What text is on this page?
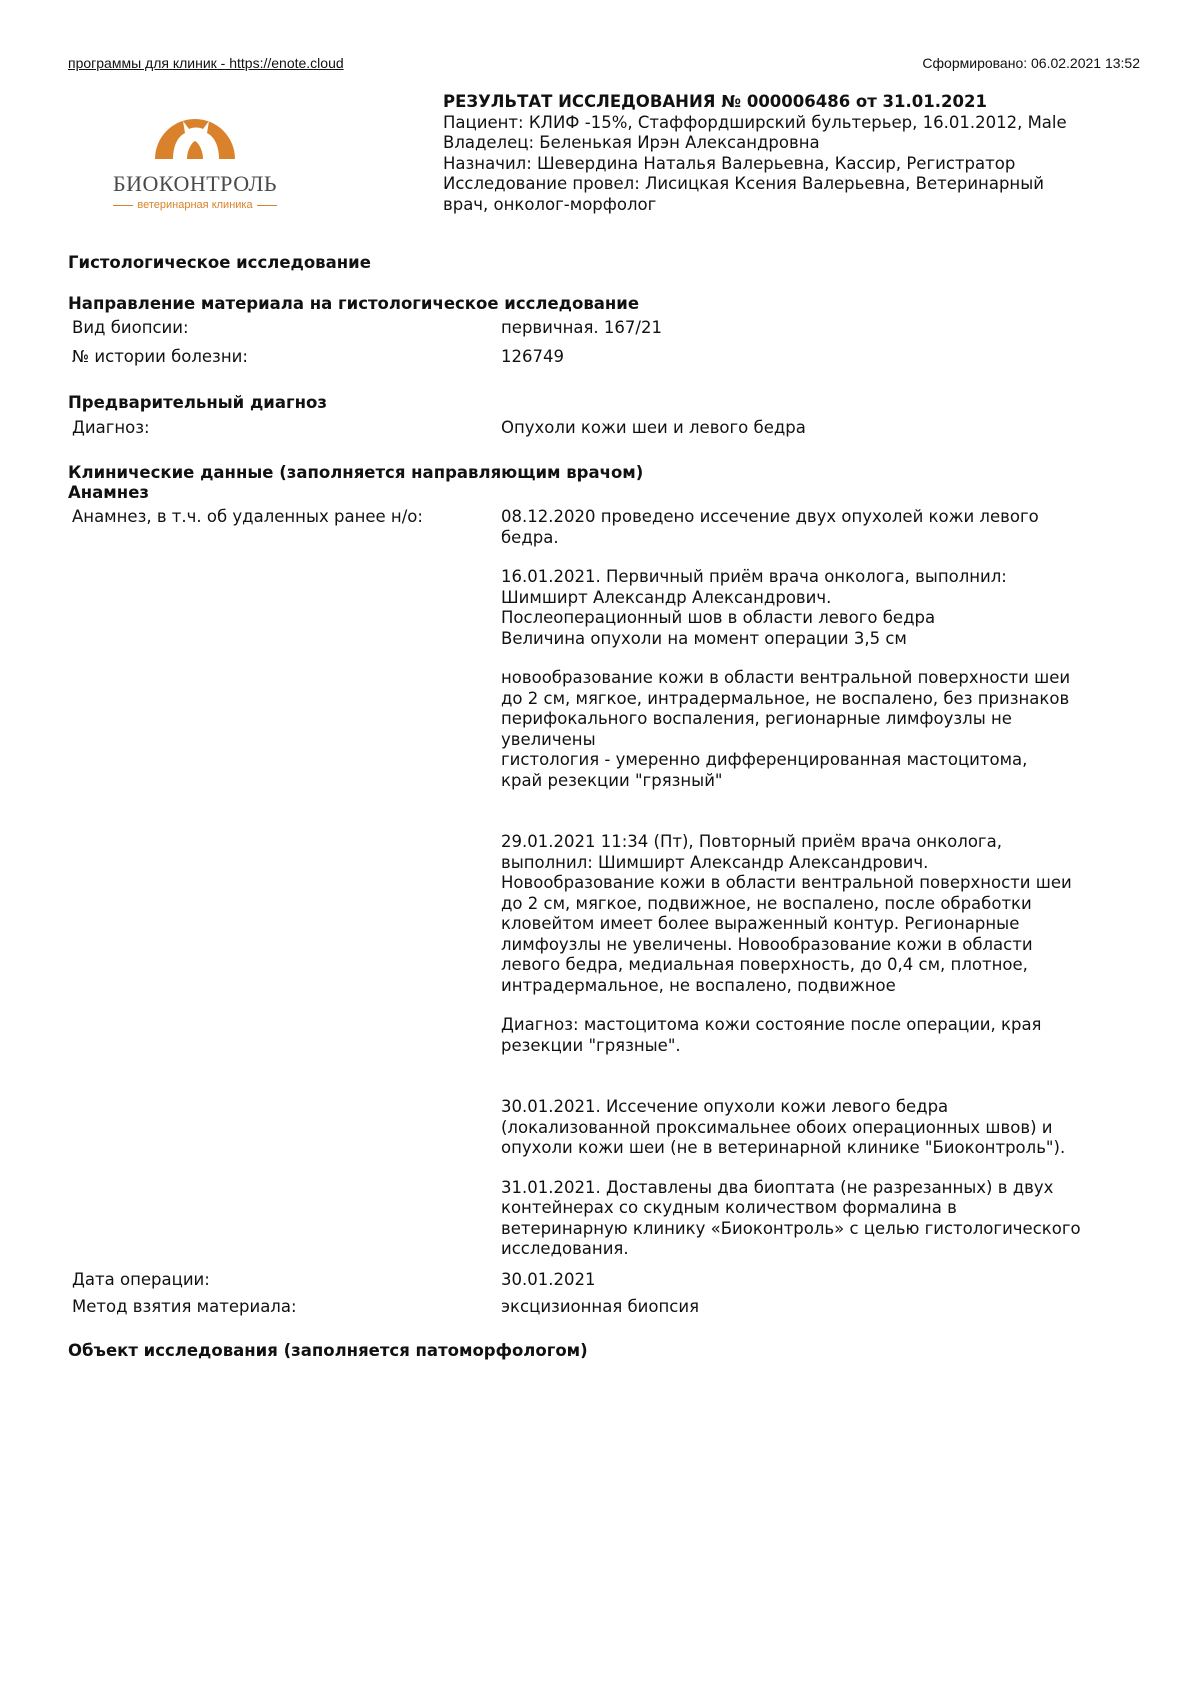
программы для клиник - https://enote.cloud	Сформировано: 06.02.2021 13:52
БИОКОНТРОЛЬ
ветеринарная клиника
РЕЗУЛЬТАТ ИССЛЕДОВАНИЯ № 000006486 от 31.01.2021
Пациент: КЛИФ -15%, Стаффордширский бультерьер, 16.01.2012, Male
Владелец: Беленькая Ирэн Александровна
Назначил: Шевердина Наталья Валерьевна, Кассир, Регистратор
Исследование провел: Лисицкая Ксения Валерьевна, Ветеринарный
врач, онколог-морфолог
Гистологическое исследование
Направление материала на гистологическое исследование
Вид биопсии:	первичная. 167/21
№ истории болезни:	126749
Предварительный диагноз
Диагноз:	Опухоли кожи шеи и левого бедра
Клинические данные (заполняется направляющим врачом)
Анамнез
Анамнез, в т.ч. об удаленных ранее н/о:	08.12.2020 проведено иссечение двух опухолей кожи левого
бедра.
16.01.2021. Первичный приём врача онколога, выполнил:
Шимширт Александр Александрович.
Послеоперационный шов в области левого бедра
Величина опухоли на момент операции 3,5 см
новообразование кожи в области вентральной поверхности шеи
до 2 см, мягкое, интрадермальное, не воспалено, без признаков
перифокального воспаления, регионарные лимфоузлы не
увеличены
гистология - умеренно дифференцированная мастоцитома,
край резекции "грязный"
29.01.2021 11:34 (Пт), Повторный приём врача онколога,
выполнил: Шимширт Александр Александрович.
Новообразование кожи в области вентральной поверхности шеи
до 2 см, мягкое, подвижное, не воспалено, после обработки
кловейтом имеет более выраженный контур. Регионарные
лимфоузлы не увеличены. Новообразование кожи в области
левого бедра, медиальная поверхность, до 0,4 см, плотное,
интрадермальное, не воспалено, подвижное
Диагноз: мастоцитома кожи состояние после операции, края
резекции "грязные".
30.01.2021. Иссечение опухоли кожи левого бедра
(локализованной проксимальнее обоих операционных швов) и
опухоли кожи шеи (не в ветеринарной клинике "Биоконтроль").
31.01.2021. Доставлены два биоптата (не разрезанных) в двух
контейнерах со скудным количеством формалина в
ветеринарную клинику «Биоконтроль» с целью гистологического
исследования.
Дата операции:	30.01.2021
Метод взятия материала:	эксцизионная биопсия
Объект исследования (заполняется патоморфологом)
